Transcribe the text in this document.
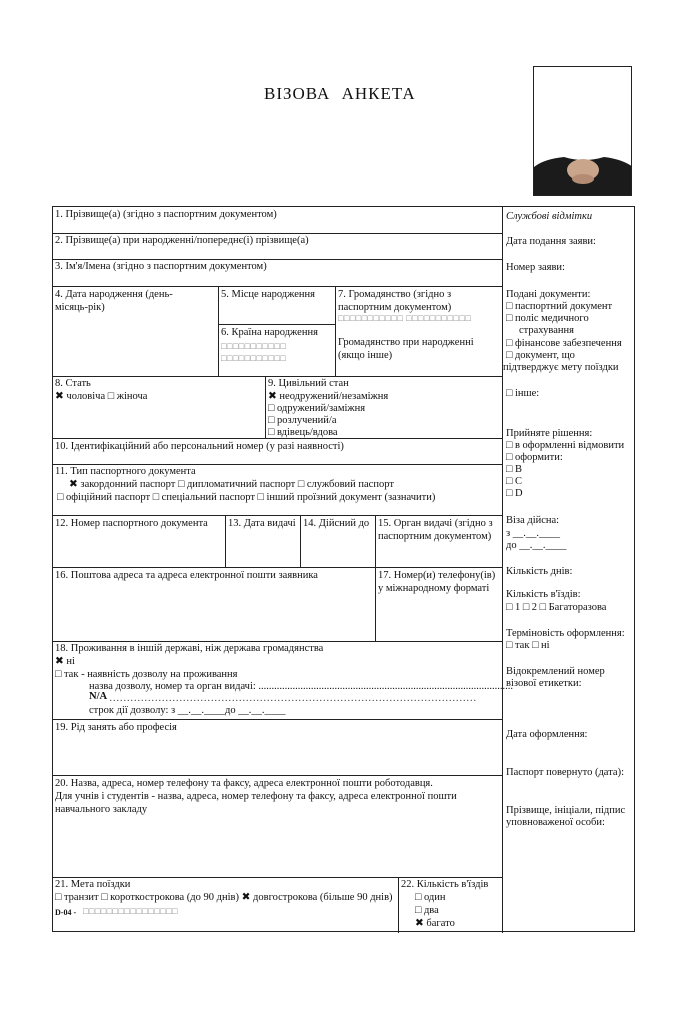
ВІЗОВА АНКЕТА
1. Прізвище(а) (згідно з паспортним документом)
2. Прізвище(а) при народженні/попереднє(і) прізвище(а)
3. Ім'я/Імена (згідно з паспортним документом)
4. Дата народження (день-місяць-рік)
5. Місце народження
6. Країна народження
□□□□□□□□□□□
□□□□□□□□□□□
7. Громадянство (згідно з паспортним документом)
□□□□□□□□□□□ □□□□□□□□□□□
Громадянство при народженні (якщо інше)
8. Стать
✖ чоловіча □ жіноча
9. Цивільний стан
✖ неодружений/незаміжня
□ одружений/заміжня
□ розлучений/а
□ вдівець/вдова
10. Ідентифікаційний або персональний номер (у разі наявності)
11. Тип паспортного документа
✖ закордонний паспорт □ дипломатичний паспорт □ службовий паспорт
□ офіційний паспорт □ спеціальний паспорт □ інший проїзний документ (зазначити)
12. Номер паспортного документа 13. Дата видачі 14. Дійсний до 15. Орган видачі (згідно з паспортним документом)
16. Поштова адреса та адреса електронної пошти заявника	17. Номер(и) телефону(ів) у міжнародному форматі
18. Проживання в іншій державі, ніж держава громадянства
✖ ні
□ так - наявність дозволу на проживання
назва дозволу, номер та орган видачі: .................................................................................................
N/A ……………………………………………………………………………………………
строк дії дозволу: з __.__.____до __.__.____
19. Рід занять або професія
20. Назва, адреса, номер телефону та факсу, адреса електронної пошти роботодавця.
Для учнів і студентів - назва, адреса, номер телефону та факсу, адреса електронної пошти
навчального закладу
21. Мета поїздки
□ транзит □ короткострокова (до 90 днів) ✖ довгострокова (більше 90 днів)
D-04 - □□□□□□□□□□□□□□□□
22. Кількість в'їздів
□ один
□ два
✖ багато
Службові відмітки
Дата подання заяви:
Номер заяви:
Подані документи:
□ паспортний документ
□ поліс медичного
страхування
□ фінансове забезпечення
□ документ, що
підтверджує мету поїздки
□ інше:
Прийняте рішення:
□ в оформленні відмовити
□ оформити:
□ B
□ C
□ D
Віза дійсна:
з __.__.____
до __.__.____
Кількість днів:
Кількість в'їздів:
□ 1 □ 2 □ Багаторазова
Терміновість оформлення:
□ так □ ні
Відокремлений номер
візової етикетки:
Дата оформлення:
Паспорт повернуто (дата):
Прізвище, ініціали, підпис
уповноваженої особи:
